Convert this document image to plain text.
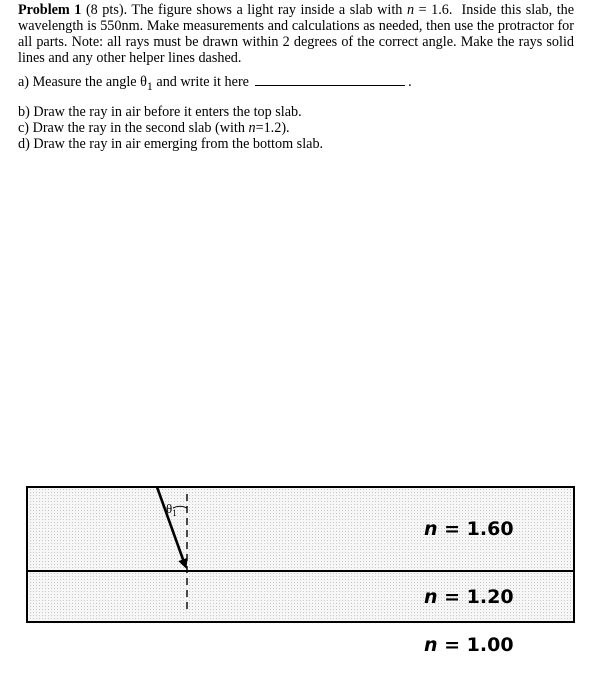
Problem 1 (8 pts). The figure shows a light ray inside a slab with n = 1.6. Inside this slab, the wavelength is 550nm. Make measurements and calculations as needed, then use the protractor for all parts. Note: all rays must be drawn within 2 degrees of the correct angle. Make the rays solid lines and any other helper lines dashed.

a) Measure the angle $\theta_1$ and write it here	.

b) Draw the ray in air before it enters the top slab.

c) Draw the ray in the second slab (with n=1.2).

d) Draw the ray in air emerging from the bottom slab.

$\theta_1$
n = 1.60
n = 1.20
n = 1.00
